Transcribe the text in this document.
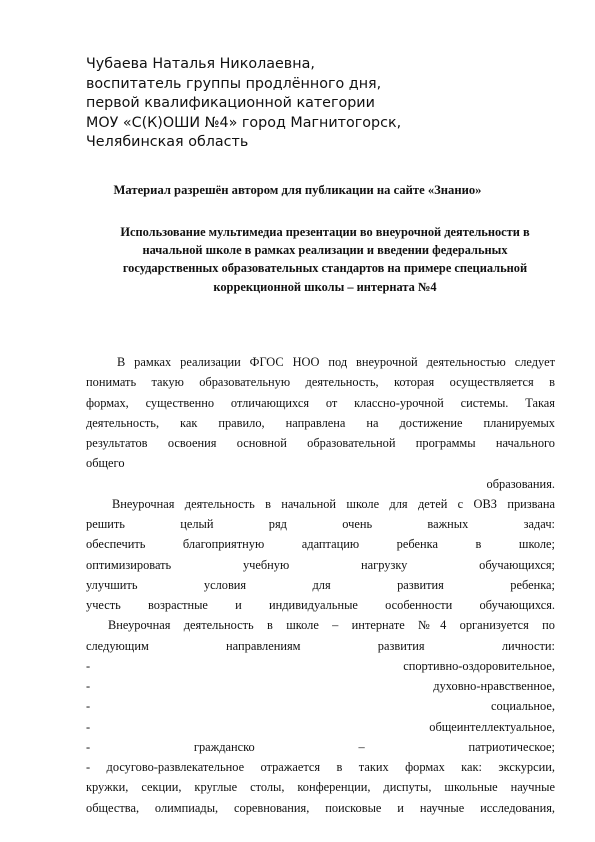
Чубаева Наталья Николаевна,
воспитатель группы продлённого дня,
первой квалификационной категории
МОУ «С(К)ОШИ №4» город Магнитогорск,
Челябинская область
Материал разрешён автором для публикации на сайте «Знанио»
Использование мультимедиа презентации во внеурочной деятельности в
начальной школе в рамках реализации и введении федеральных
государственных образовательных стандартов на примере специальной
коррекционной школы – интерната №4
В рамках реализации ФГОС НОО под внеурочной деятельностью следует
понимать такую образовательную деятельность, которая осуществляется в
формах, существенно отличающихся от классно-урочной системы. Такая
деятельность, как правило, направлена на достижение планируемых
результатов освоения основной образовательной программы начального
общего
образования.
Внеурочная деятельность в начальной школе для детей с ОВЗ призвана
решить целый ряд очень важных задач:
обеспечить благоприятную адаптацию ребенка в школе;
оптимизировать учебную нагрузку обучающихся;
улучшить условия для развития ребенка;
учесть возрастные и индивидуальные особенности обучающихся.
Внеурочная деятельность в школе – интернате №4 организуется по
следующим направлениям развития личности:
- спортивно-оздоровительное,
- духовно-нравственное,
- социальное,
- общеинтеллектуальное,
- гражданско – патриотическое;
- досугово-развлекательное отражается в таких формах как: экскурсии,
кружки, секции, круглые столы, конференции, диспуты, школьные научные
общества, олимпиады, соревнования, поисковые и научные исследования,
